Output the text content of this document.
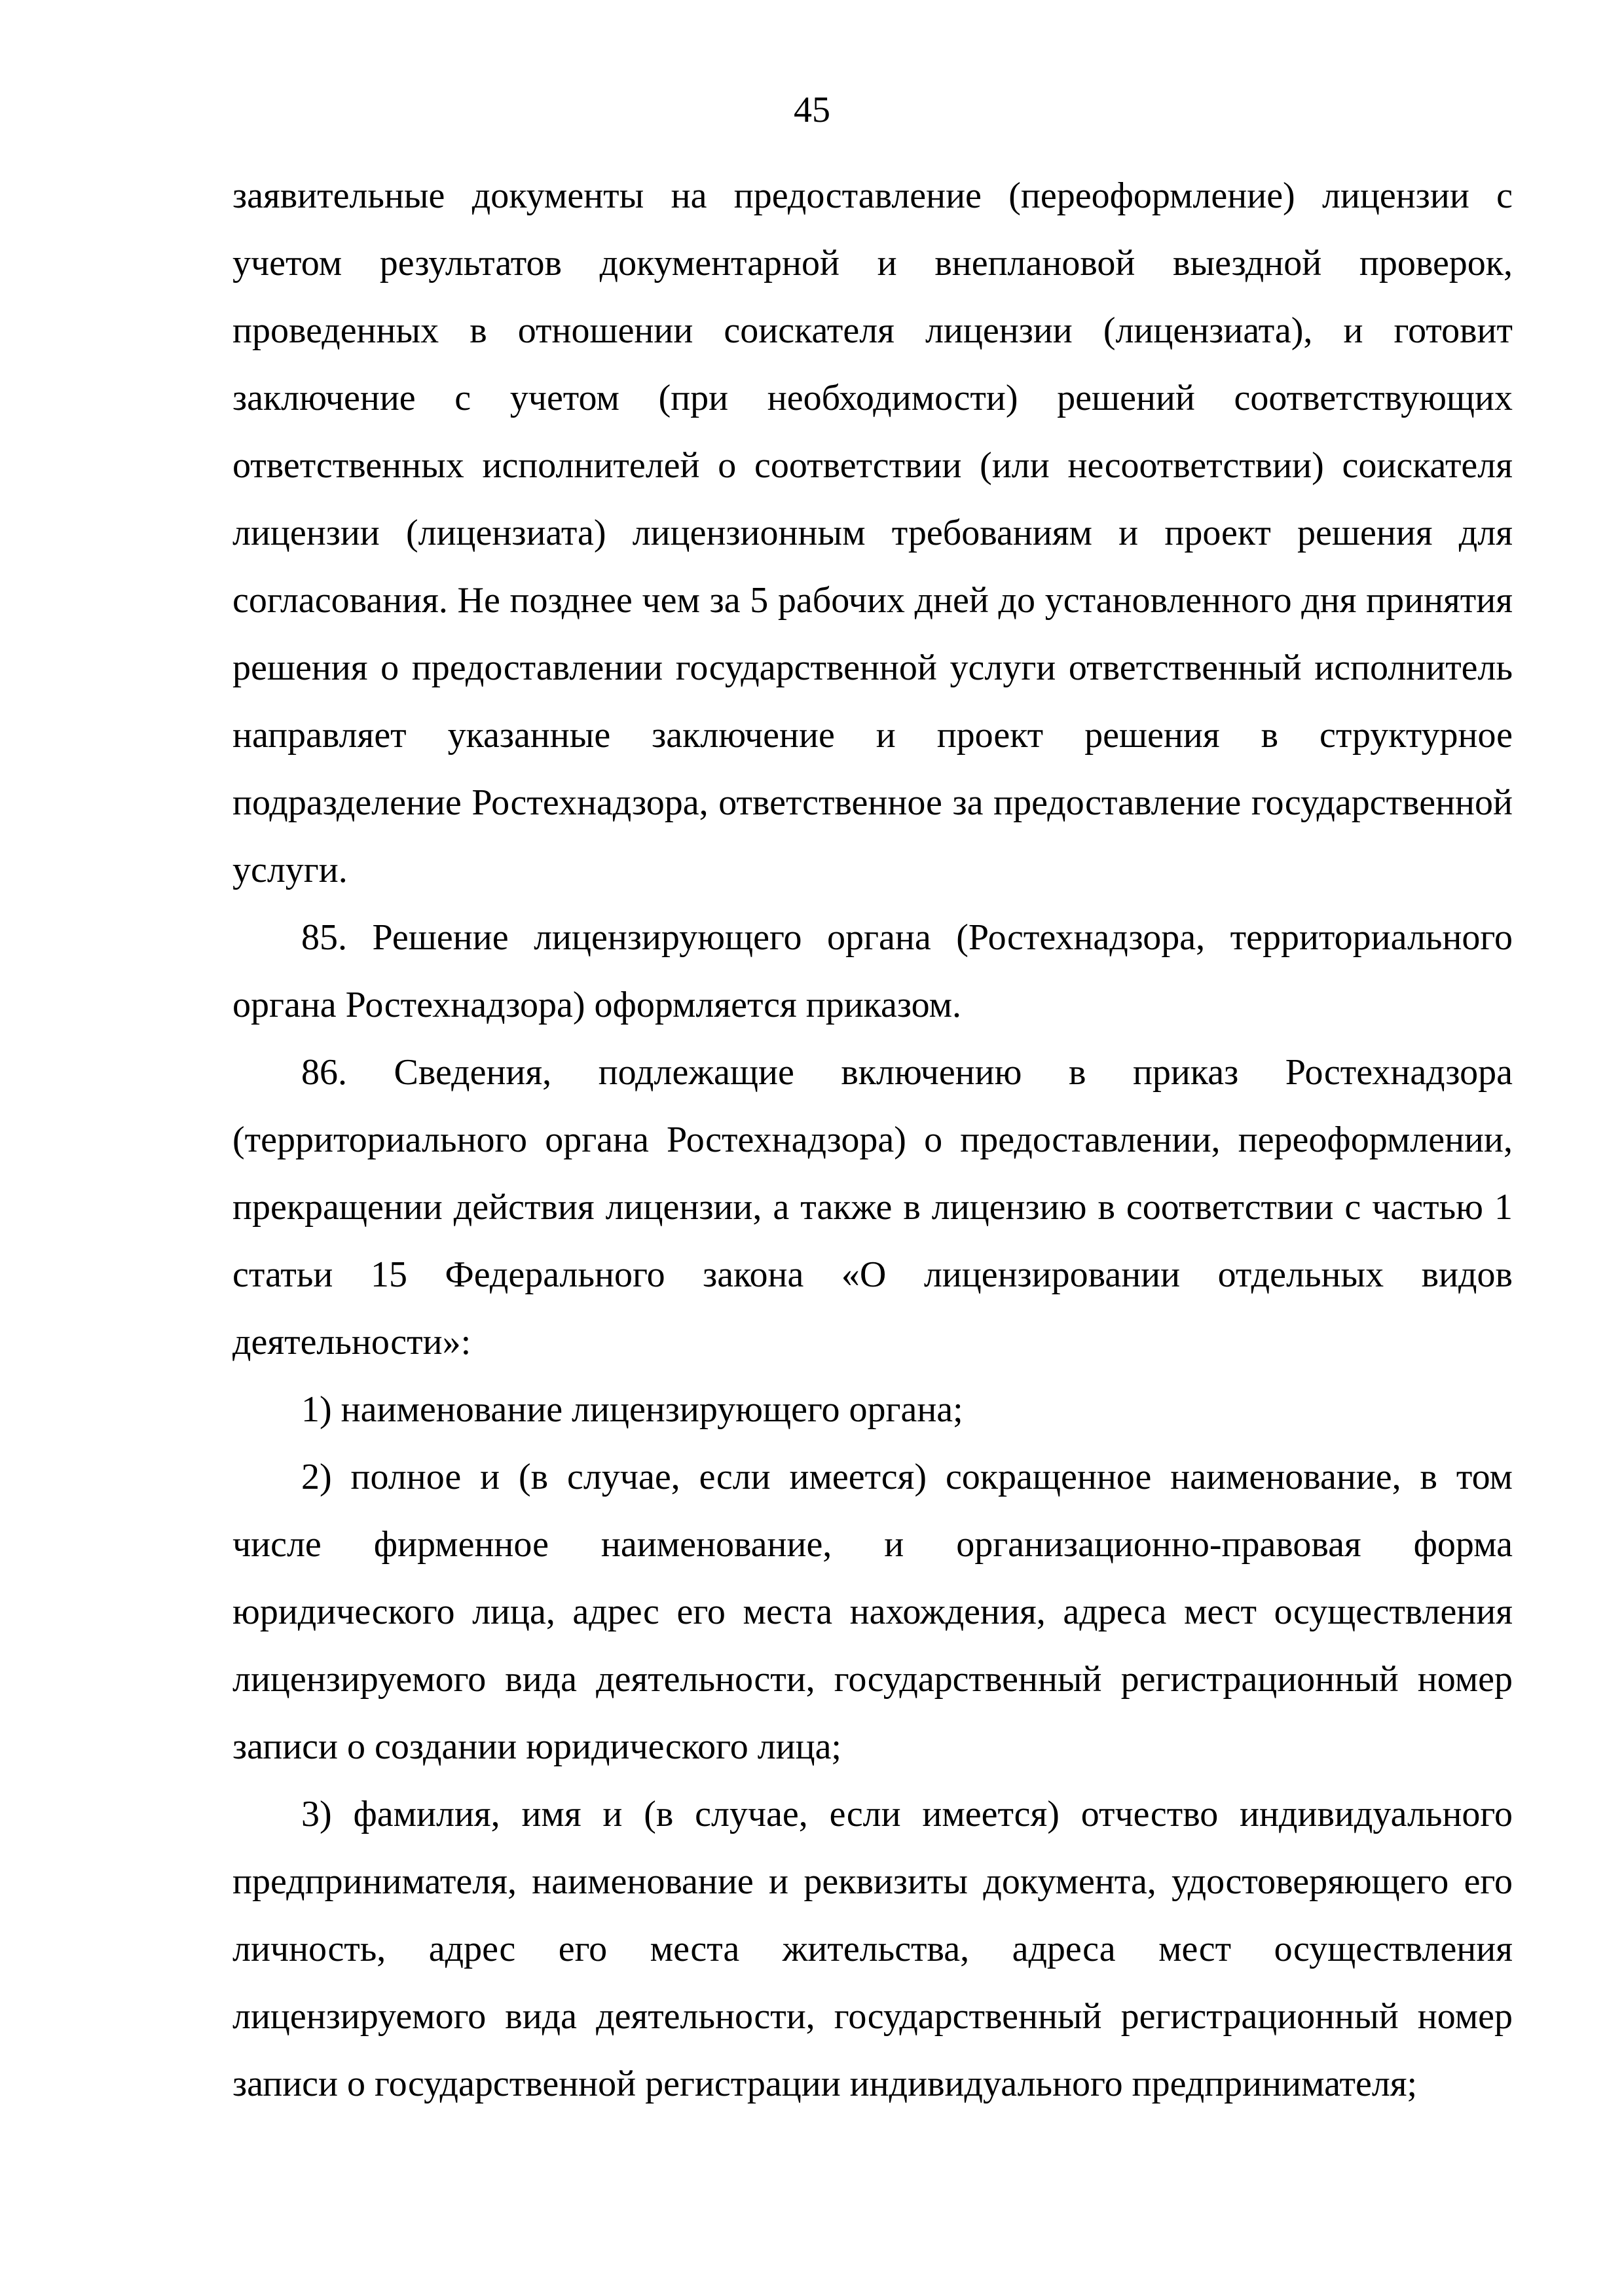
45

заявительные документы на предоставление (переоформление) лицензии с учетом результатов документарной и внеплановой выездной проверок, проведенных в отношении соискателя лицензии (лицензиата), и готовит заключение с учетом (при необходимости) решений соответствующих ответственных исполнителей о соответствии (или несоответствии) соискателя лицензии (лицензиата) лицензионным требованиям и проект решения для согласования. Не позднее чем за 5 рабочих дней до установленного дня принятия решения о предоставлении государственной услуги ответственный исполнитель направляет указанные заключение и проект решения в структурное подразделение Ростехнадзора, ответственное за предоставление государственной услуги.

85. Решение лицензирующего органа (Ростехнадзора, территориального органа Ростехнадзора) оформляется приказом.

86. Сведения, подлежащие включению в приказ Ростехнадзора (территориального органа Ростехнадзора) о предоставлении, переоформлении, прекращении действия лицензии, а также в лицензию в соответствии с частью 1 статьи 15 Федерального закона «О лицензировании отдельных видов деятельности»:

1) наименование лицензирующего органа;

2) полное и (в случае, если имеется) сокращенное наименование, в том числе фирменное наименование, и организационно-правовая форма юридического лица, адрес его места нахождения, адреса мест осуществления лицензируемого вида деятельности, государственный регистрационный номер записи о создании юридического лица;

3) фамилия, имя и (в случае, если имеется) отчество индивидуального предпринимателя, наименование и реквизиты документа, удостоверяющего его личность, адрес его места жительства, адреса мест осуществления лицензируемого вида деятельности, государственный регистрационный номер записи о государственной регистрации индивидуального предпринимателя;
